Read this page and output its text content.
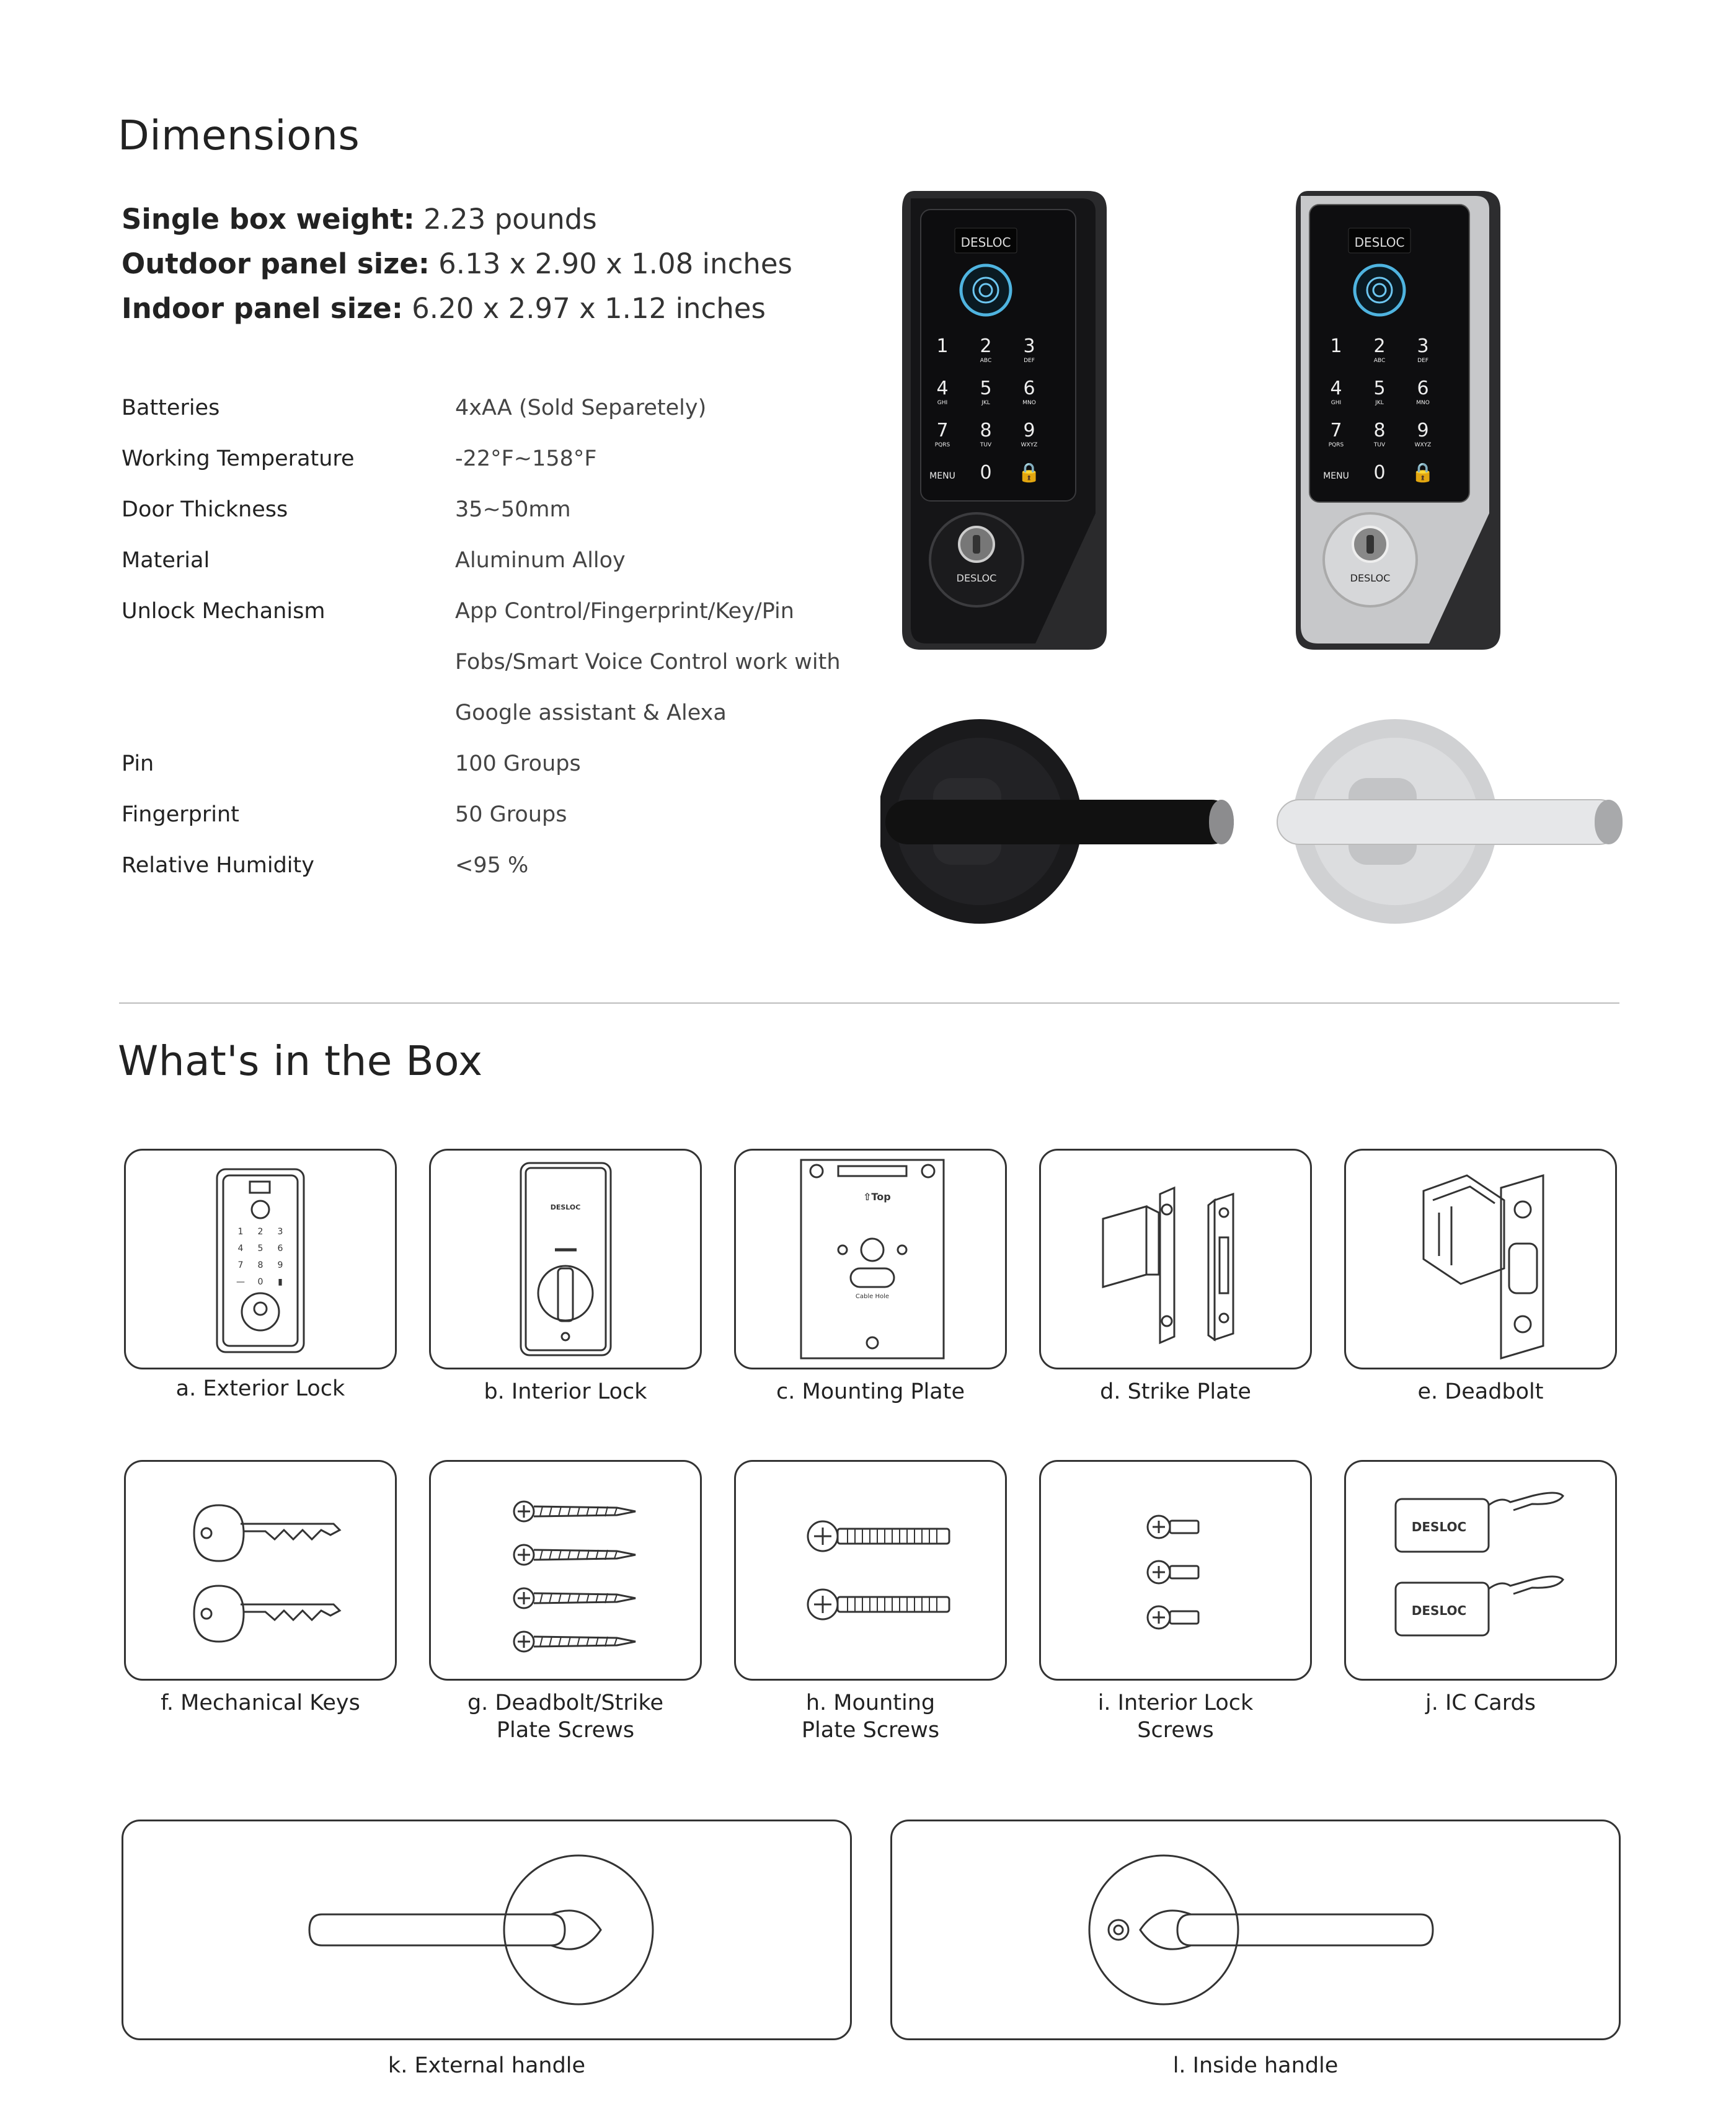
Dimensions
Single box weight: 2.23 pounds
Outdoor panel size: 6.13 x 2.90 x 1.08 inches
Indoor panel size: 6.20 x 2.97 x 1.12 inches
Batteries	4xAA (Sold Separetely)
Working Temperature	-22°F~158°F
Door Thickness	35~50mm
Material	Aluminum Alloy
Unlock Mechanism	App Control/Fingerprint/Key/Pin
Fobs/Smart Voice Control work with
Google assistant & Alexa
Pin	100 Groups
Fingerprint	50 Groups
Relative Humidity	<95 %
DESLOC
1 2
ABC
3
DEF
4
GHI
5
JKL
6
MNO
7
PQRS
8
TUV
9
WXYZ
MENU 0 🔒
DESLOC
DESLOC
1 2
ABC
3
DEF
4
GHI
5
JKL
6
MNO
7
PQRS
8
TUV
9
WXYZ
MENU 0 🔒
DESLOC
What's in the Box
1 2 3
4 5 6
7 8 9
— 0 ▮
a. Exterior Lock
DESLOC
b. Interior Lock
⇧Top
Cable Hole
c. Mounting Plate	d. Strike Plate	e. Deadbolt
f. Mechanical Keys	g. Deadbolt/Strike
Plate Screws
h. Mounting
Plate Screws
i. Interior Lock
Screws
DESLOC
DESLOC
j. IC Cards
k. External handle	l. Inside handle
